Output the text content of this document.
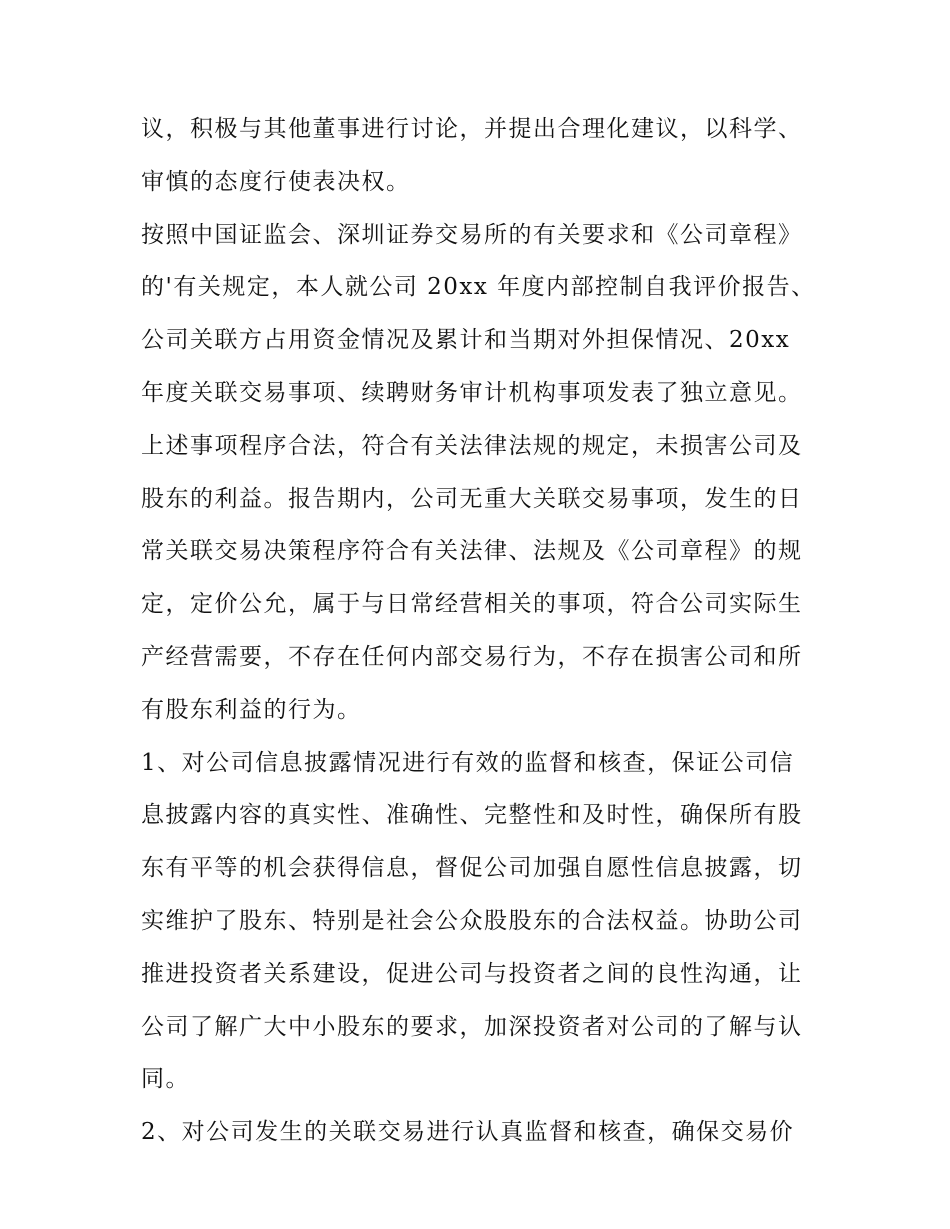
议，积极与其他董事进行讨论，并提出合理化建议，以科学、
审慎的态度行使表决权。
按照中国证监会、深圳证券交易所的有关要求和《公司章程》
的'有关规定，本人就公司 20xx 年度内部控制自我评价报告、
公司关联方占用资金情况及累计和当期对外担保情况、20xx
年度关联交易事项、续聘财务审计机构事项发表了独立意见。
上述事项程序合法，符合有关法律法规的规定，未损害公司及
股东的利益。报告期内，公司无重大关联交易事项，发生的日
常关联交易决策程序符合有关法律、法规及《公司章程》的规
定，定价公允，属于与日常经营相关的事项，符合公司实际生
产经营需要，不存在任何内部交易行为，不存在损害公司和所
有股东利益的行为。
1、对公司信息披露情况进行有效的监督和核查，保证公司信
息披露内容的真实性、准确性、完整性和及时性，确保所有股
东有平等的机会获得信息，督促公司加强自愿性信息披露，切
实维护了股东、特别是社会公众股股东的合法权益。协助公司
推进投资者关系建设，促进公司与投资者之间的良性沟通，让
公司了解广大中小股东的要求，加深投资者对公司的了解与认
同。
2、对公司发生的关联交易进行认真监督和核查，确保交易价
